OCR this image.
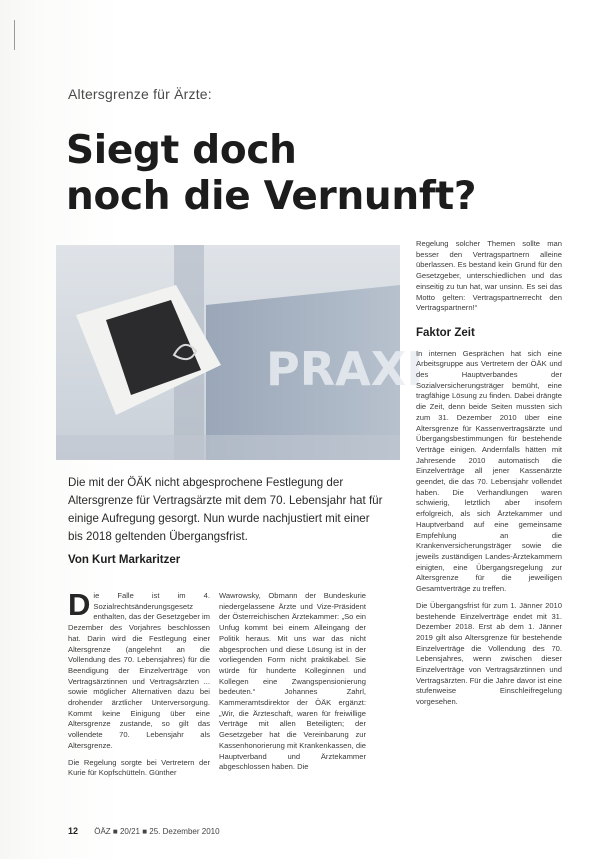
Altersgrenze für Ärzte:
Siegt doch
noch die Vernunft?
PRAXI

Die mit der ÖÄK nicht abgesprochene Festlegung der Altersgrenze für Vertragsärzte mit dem 70. Lebensjahr hat für einige Aufregung gesorgt. Nun wurde nachjustiert mit einer bis 2018 geltenden Übergangsfrist.

Von Kurt Markaritzer

D ie Falle ist im 4. Sozialrechtsänderungsgesetz enthalten, das der Gesetzgeber im Dezember des Vorjahres beschlossen hat. Darin wird die Festlegung einer Altersgrenze (angelehnt an die Vollendung des 70. Lebensjahres) für die Beendigung der Einzelverträge von Vertragsärztinnen und Vertragsärzten ... sowie möglicher Alternativen dazu bei drohender ärztlicher Unterversorgung. Kommt keine Einigung über eine Altersgrenze zustande, so gilt das vollendete 70. Lebensjahr als Altersgrenze.

Die Regelung sorgte bei Vertretern der Kurie für Kopfschütteln. Günther

Wawrowsky, Obmann der Bundeskurie niedergelassene Ärzte und Vize-Präsident der Österreichischen Ärztekammer: „So ein Unfug kommt bei einem Alleingang der Politik heraus. Mit uns war das nicht abgesprochen und diese Lösung ist in der vorliegenden Form nicht praktikabel. Sie würde für hunderte Kolleginnen und Kollegen eine Zwangspensionierung bedeuten.“ Johannes Zahrl, Kammeramtsdirektor der ÖÄK ergänzt: „Wir, die Ärzteschaft, waren für freiwillige Verträge mit allen Beteiligten; der Gesetzgeber hat die Vereinbarung zur Kassenhonorierung mit Krankenkassen, die Hauptverband und Ärztekammer abgeschlossen haben. Die

Regelung solcher Themen sollte man besser den Vertragspartnern alleine überlassen. Es bestand kein Grund für den Gesetzgeber, unterschiedlichen und das einseitig zu tun hat, war unsinn. Es sei das Motto gelten: Vertragspartnerrecht den Vertragspartnern!“

Faktor Zeit

In internen Gesprächen hat sich eine Arbeitsgruppe aus Vertretern der ÖÄK und des Hauptverbandes der Sozialversicherungsträger bemüht, eine tragfähige Lösung zu finden. Dabei drängte die Zeit, denn beide Seiten mussten sich zum 31. Dezember 2010 über eine Altersgrenze für Kassenvertragsärzte und Übergangsbestimmungen für bestehende Verträge einigen. Andernfalls hätten mit Jahresende 2010 automatisch die Einzelverträge all jener Kassenärzte geendet, die das 70. Lebensjahr vollendet haben. Die Verhandlungen waren schwierig, letztlich aber insofern erfolgreich, als sich Ärztekammer und Hauptverband auf eine gemeinsame Empfehlung an die Krankenversicherungsträger sowie die jeweils zuständigen Landes-Ärztekammern einigten, eine Übergangsregelung zur Altersgrenze für die jeweiligen Gesamtverträge zu treffen.

Die Übergangsfrist für zum 1. Jänner 2010 bestehende Einzelverträge endet mit 31. Dezember 2018. Erst ab dem 1. Jänner 2019 gilt also Altersgrenze für bestehende Einzelverträge die Vollendung des 70. Lebensjahres, wenn zwischen dieser Einzelverträge von Vertragsärztinnen und Vertragsärzten. Für die Jahre davor ist eine stufenweise Einschleifregelung vorgesehen.

12 ÖÄZ ■ 20/21 ■ 25. Dezember 2010
